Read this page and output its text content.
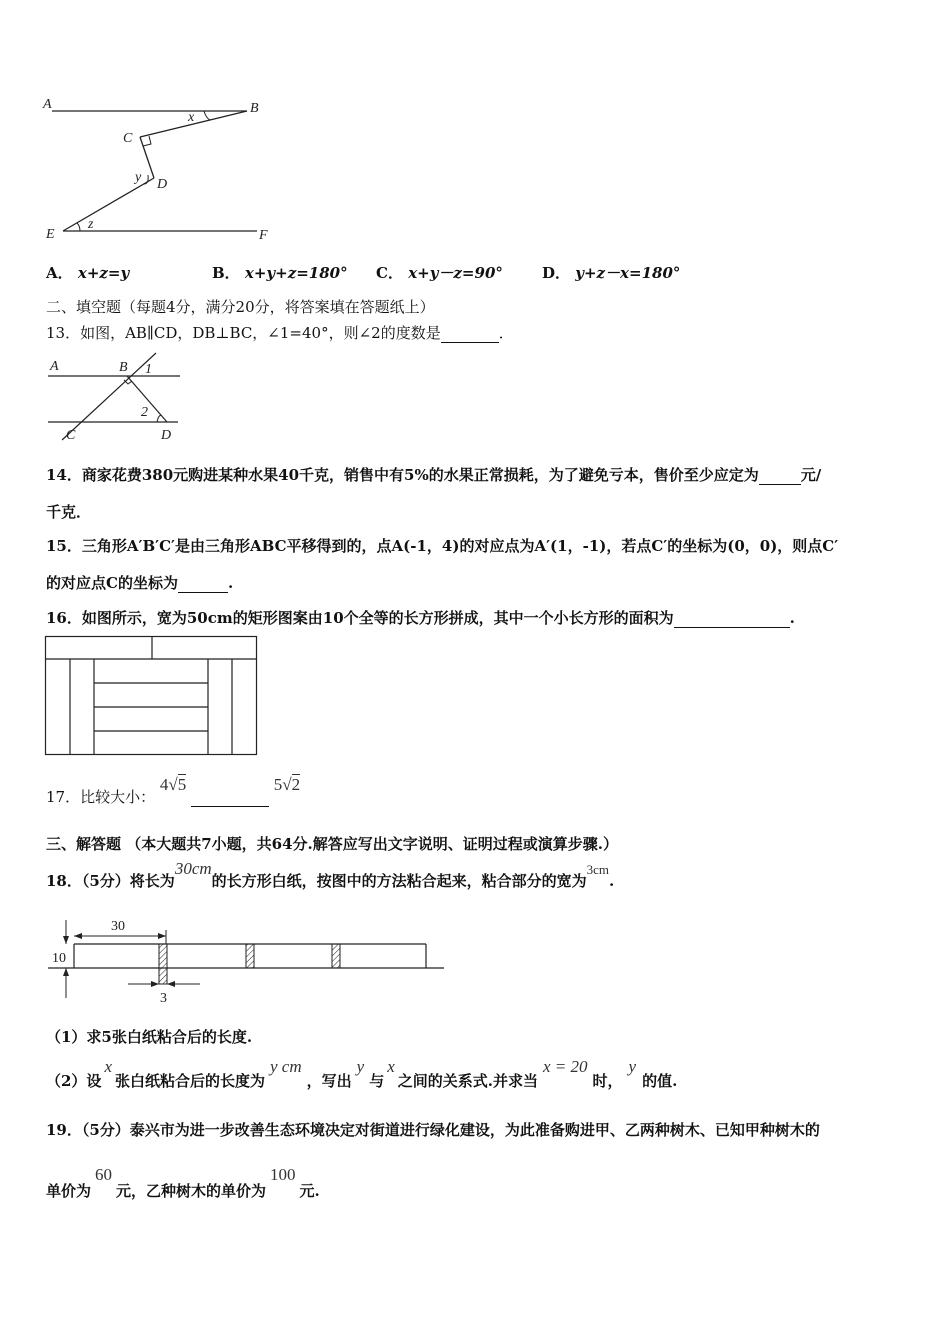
A	B
C
D
E	F
x
y
z
A． x+z=y	B． x+y+z=180° C． x+y－z=90°	D． y+z－x=180°
二、填空题（每题4分，满分20分，将答案填在答题纸上）
13．如图，AB∥CD，DB⊥BC，∠1=40°，则∠2的度数是	．
A	B 1
2
C	D
14．商家花费380元购进某种水果40千克，销售中有5%的水果正常损耗，为了避免亏本，售价至少应定为	元/
千克．
15．三角形A′B′C′是由三角形ABC平移得到的，点A(-1，4)的对应点为A′(1，-1)，若点C′的坐标为(0，0)，则点C′
的对应点C的坐标为	.
16．如图所示，宽为50cm的矩形图案由10个全等的长方形拼成，其中一个小长方形的面积为	.
17．比较大小： 4√5	5√2
三、解答题 （本大题共7小题，共64分.解答应写出文字说明、证明过程或演算步骤.）
18．（5分）将长为30cm的长方形白纸，按图中的方法粘合起来，粘合部分的宽为3cm.
30
10
3
（1）求5张白纸粘合后的长度.
（2）设x张白纸粘合后的长度为y cm，写出y与x之间的关系式.并求当x = 20时，y的值.
19．（5分）泰兴市为进一步改善生态环境决定对街道进行绿化建设，为此准备购进甲、乙两种树木、已知甲种树木的
单价为60元，乙种树木的单价为100元.
